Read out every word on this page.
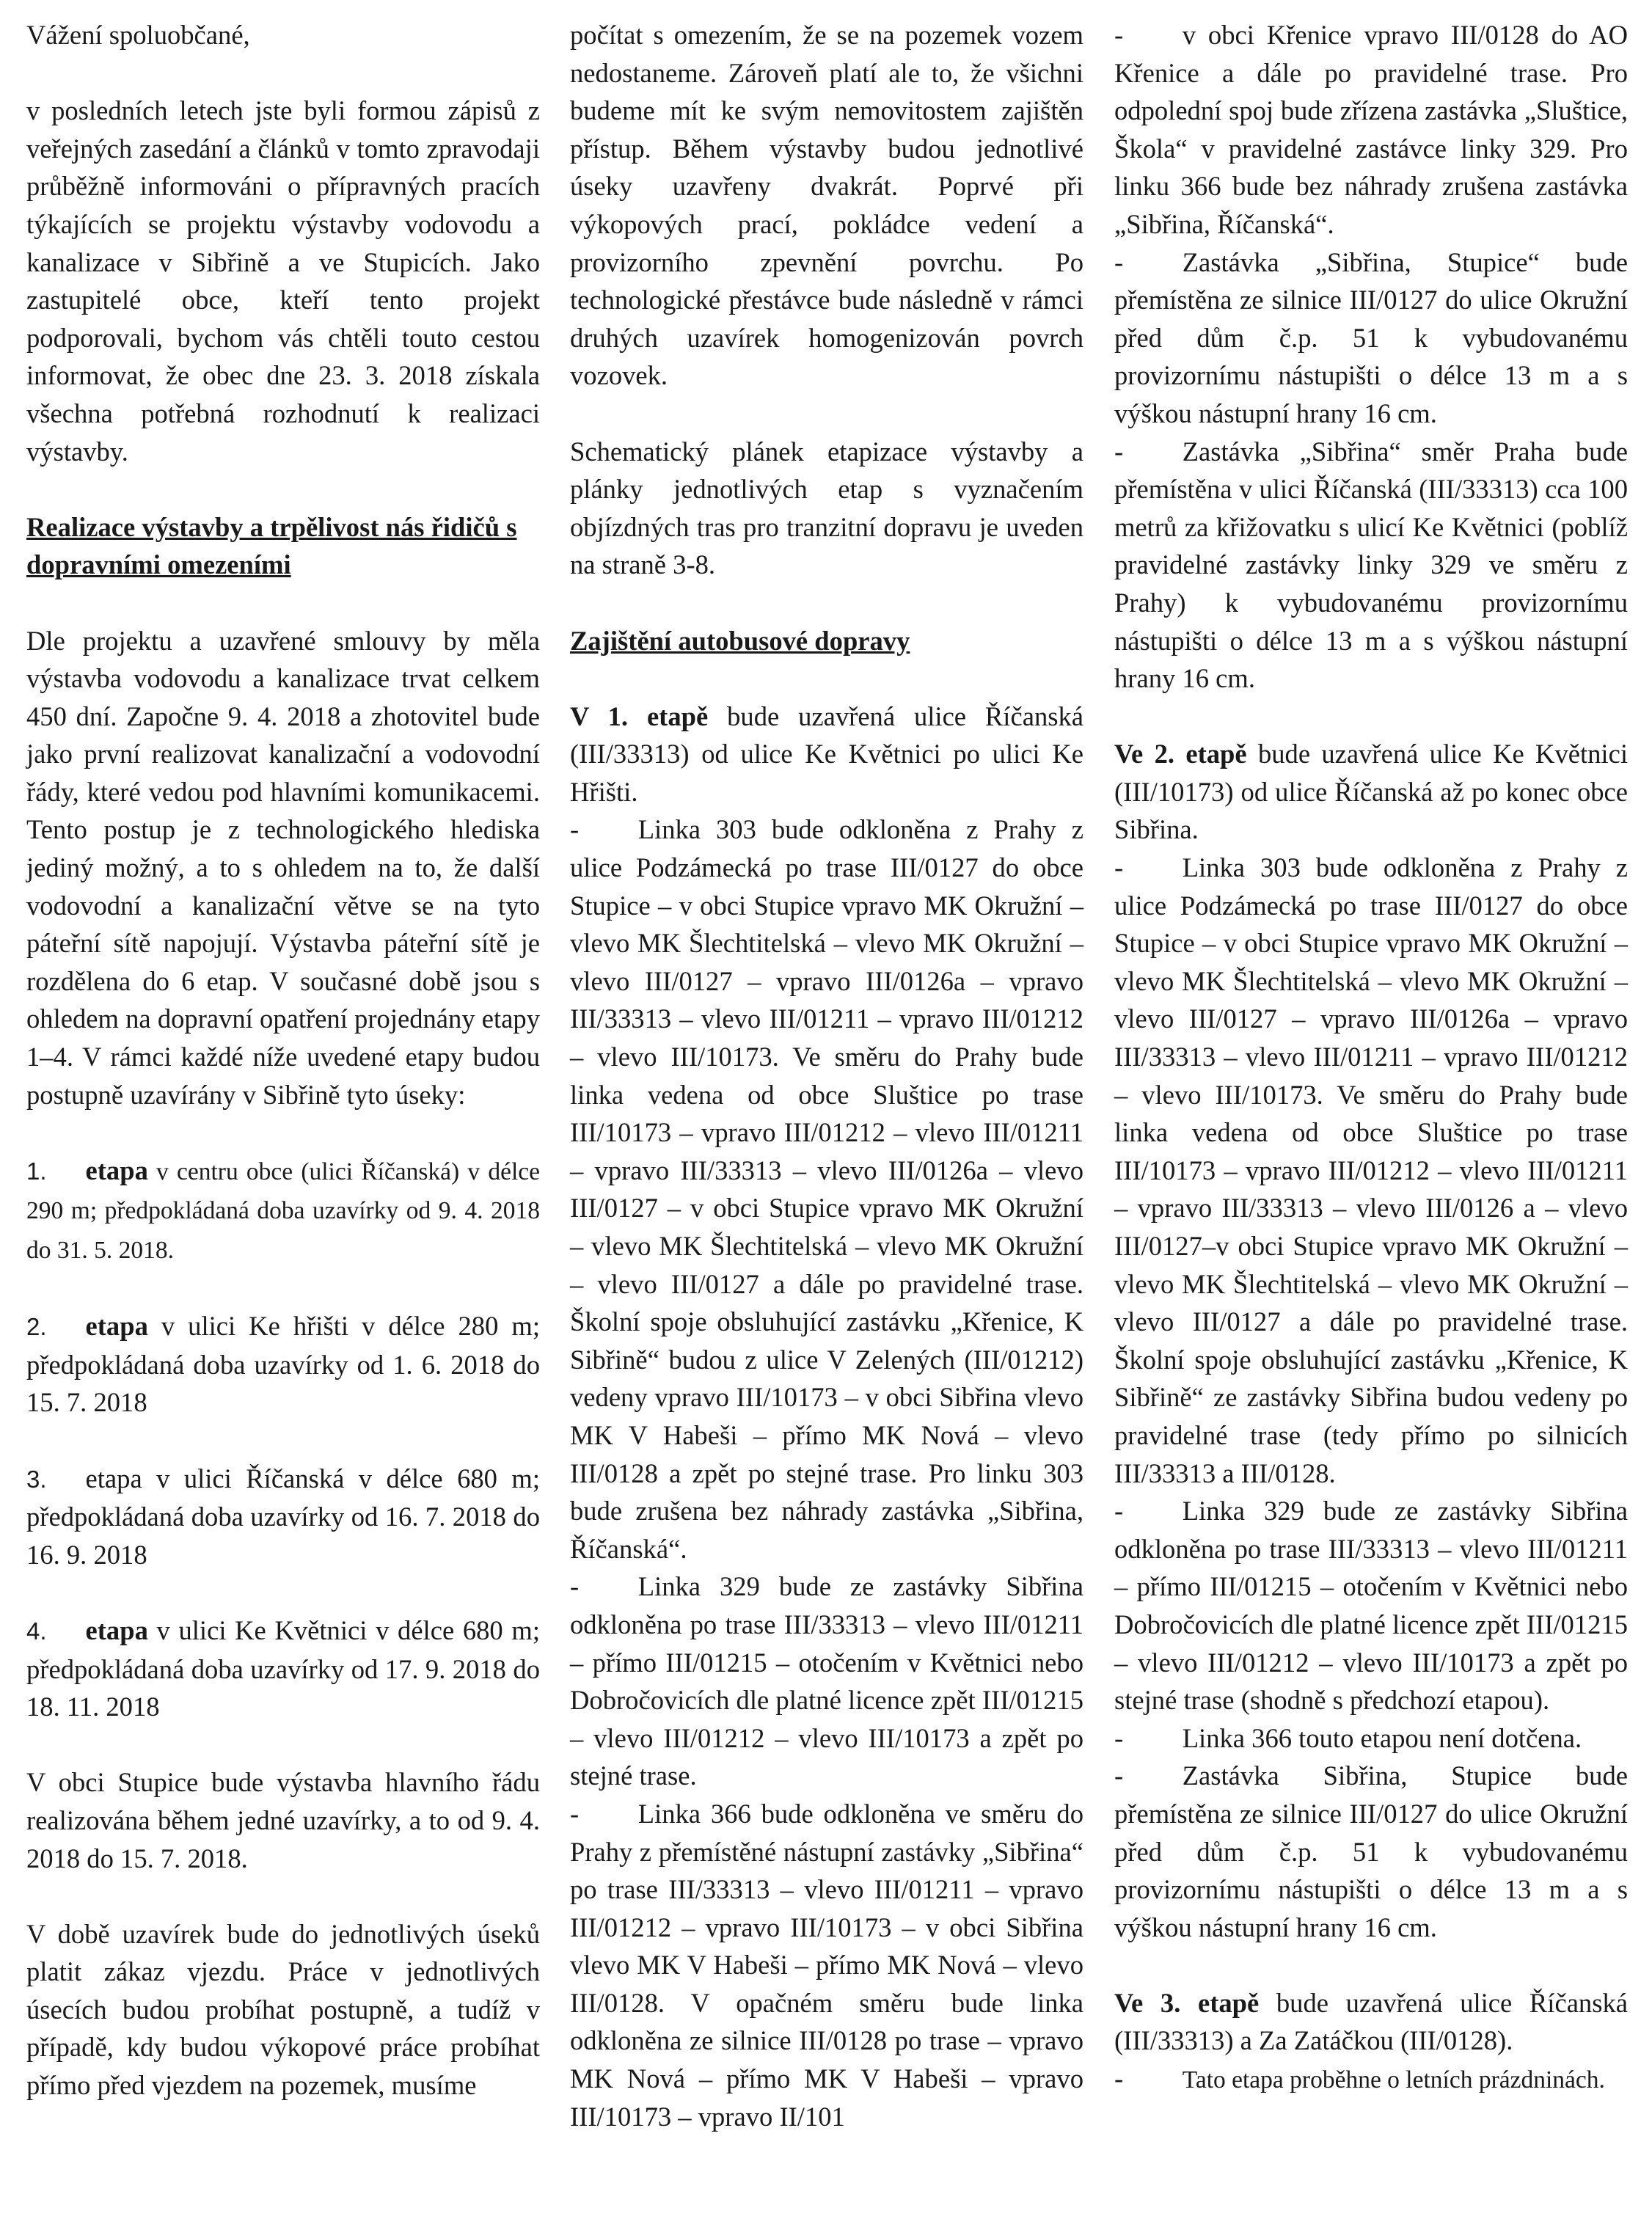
Vážení spoluobčané,

v posledních letech jste byli formou zápisů z veřejných zasedání a článků v tomto zpravodaji průběžně informováni o přípravných pracích týkajících se projektu výstavby vodovodu a kanalizace v Sibřině a ve Stupicích. Jako zastupitelé obce, kteří tento projekt podporovali, bychom vás chtěli touto cestou informovat, že obec dne 23. 3. 2018 získala všechna potřebná rozhodnutí k realizaci výstavby.

Realizace výstavby a trpělivost nás řidičů s dopravními omezeními

Dle projektu a uzavřené smlouvy by měla výstavba vodovodu a kanalizace trvat celkem 450 dní. Započne 9. 4. 2018 a zhotovitel bude jako první realizovat kanalizační a vodovodní řády, které vedou pod hlavními komunikacemi. Tento postup je z technologického hlediska jediný možný, a to s ohledem na to, že další vodovodní a kanalizační větve se na tyto páteřní sítě napojují. Výstavba páteřní sítě je rozdělena do 6 etap. V současné době jsou s ohledem na dopravní opatření projednány etapy 1–4. V rámci každé níže uvedené etapy budou postupně uzavírány v Sibřině tyto úseky:

1. etapa v centru obce (ulici Říčanská) v délce 290 m; předpokládaná doba uzavírky od 9. 4. 2018 do 31. 5. 2018.

2. etapa v ulici Ke hřišti v délce 280 m; předpokládaná doba uzavírky od 1. 6. 2018 do 15. 7. 2018

3. etapa v ulici Říčanská v délce 680 m; předpokládaná doba uzavírky od 16. 7. 2018 do 16. 9. 2018

4. etapa v ulici Ke Květnici v délce 680 m; předpokládaná doba uzavírky od 17. 9. 2018 do 18. 11. 2018

V obci Stupice bude výstavba hlavního řádu realizována během jedné uzavírky, a to od 9. 4. 2018 do 15. 7. 2018.

V době uzavírek bude do jednotlivých úseků platit zákaz vjezdu. Práce v jednotlivých úsecích budou probíhat postupně, a tudíž v případě, kdy budou výkopové práce probíhat přímo před vjezdem na pozemek, musíme

počítat s omezením, že se na pozemek vozem nedostaneme. Zároveň platí ale to, že všichni budeme mít ke svým nemovitostem zajištěn přístup. Během výstavby budou jednotlivé úseky uzavřeny dvakrát. Poprvé při výkopových prací, pokládce vedení a provizorního zpevnění povrchu. Po technologické přestávce bude následně v rámci druhých uzavírek homogenizován povrch vozovek.

Schematický plánek etapizace výstavby a plánky jednotlivých etap s vyznačením objízdných tras pro tranzitní dopravu je uveden na straně 3-8.

Zajištění autobusové dopravy

V 1. etapě bude uzavřená ulice Říčanská (III/33313) od ulice Ke Květnici po ulici Ke Hřišti.

- Linka 303 bude odkloněna z Prahy z ulice Podzámecká po trase III/0127 do obce Stupice – v obci Stupice vpravo MK Okružní – vlevo MK Šlechtitelská – vlevo MK Okružní – vlevo III/0127 – vpravo III/0126a – vpravo III/33313 – vlevo III/01211 – vpravo III/01212 – vlevo III/10173. Ve směru do Prahy bude linka vedena od obce Sluštice po trase III/10173 – vpravo III/01212 – vlevo III/01211 – vpravo III/33313 – vlevo III/0126a – vlevo III/0127 – v obci Stupice vpravo MK Okružní – vlevo MK Šlechtitelská – vlevo MK Okružní – vlevo III/0127 a dále po pravidelné trase. Školní spoje obsluhující zastávku „Křenice, K Sibřině“ budou z ulice V Zelených (III/01212) vedeny vpravo III/10173 – v obci Sibřina vlevo MK V Habeši – přímo MK Nová – vlevo III/0128 a zpět po stejné trase. Pro linku 303 bude zrušena bez náhrady zastávka „Sibřina, Říčanská“.

- Linka 329 bude ze zastávky Sibřina odkloněna po trase III/33313 – vlevo III/01211 – přímo III/01215 – otočením v Květnici nebo Dobročovicích dle platné licence zpět III/01215 – vlevo III/01212 – vlevo III/10173 a zpět po stejné trase.

- Linka 366 bude odkloněna ve směru do Prahy z přemístěné nástupní zastávky „Sibřina“ po trase III/33313 – vlevo III/01211 – vpravo III/01212 – vpravo III/10173 – v obci Sibřina vlevo MK V Habeši – přímo MK Nová – vlevo III/0128. V opačném směru bude linka odkloněna ze silnice III/0128 po trase – vpravo MK Nová – přímo MK V Habeši – vpravo III/10173 – vpravo II/101

- v obci Křenice vpravo III/0128 do AO Křenice a dále po pravidelné trase. Pro odpolední spoj bude zřízena zastávka „Sluštice, Škola“ v pravidelné zastávce linky 329. Pro linku 366 bude bez náhrady zrušena zastávka „Sibřina, Říčanská“.

- Zastávka „Sibřina, Stupice“ bude přemístěna ze silnice III/0127 do ulice Okružní před dům č.p. 51 k vybudovanému provizornímu nástupišti o délce 13 m a s výškou nástupní hrany 16 cm.

- Zastávka „Sibřina“ směr Praha bude přemístěna v ulici Říčanská (III/33313) cca 100 metrů za křižovatku s ulicí Ke Květnici (poblíž pravidelné zastávky linky 329 ve směru z Prahy) k vybudovanému provizornímu nástupišti o délce 13 m a s výškou nástupní hrany 16 cm.

Ve 2. etapě bude uzavřená ulice Ke Květnici (III/10173) od ulice Říčanská až po konec obce Sibřina.

- Linka 303 bude odkloněna z Prahy z ulice Podzámecká po trase III/0127 do obce Stupice – v obci Stupice vpravo MK Okružní – vlevo MK Šlechtitelská – vlevo MK Okružní – vlevo III/0127 – vpravo III/0126a – vpravo III/33313 – vlevo III/01211 – vpravo III/01212 – vlevo III/10173. Ve směru do Prahy bude linka vedena od obce Sluštice po trase III/10173 – vpravo III/01212 – vlevo III/01211 – vpravo III/33313 – vlevo III/0126 a – vlevo III/0127–v obci Stupice vpravo MK Okružní – vlevo MK Šlechtitelská – vlevo MK Okružní – vlevo III/0127 a dále po pravidelné trase. Školní spoje obsluhující zastávku „Křenice, K Sibřině“ ze zastávky Sibřina budou vedeny po pravidelné trase (tedy přímo po silnicích III/33313 a III/0128.

- Linka 329 bude ze zastávky Sibřina odkloněna po trase III/33313 – vlevo III/01211 – přímo III/01215 – otočením v Květnici nebo Dobročovicích dle platné licence zpět III/01215 – vlevo III/01212 – vlevo III/10173 a zpět po stejné trase (shodně s předchozí etapou).

- Linka 366 touto etapou není dotčena.

- Zastávka Sibřina, Stupice bude přemístěna ze silnice III/0127 do ulice Okružní před dům č.p. 51 k vybudovanému provizornímu nástupišti o délce 13 m a s výškou nástupní hrany 16 cm.

Ve 3. etapě bude uzavřená ulice Říčanská (III/33313) a Za Zatáčkou (III/0128).

- Tato etapa proběhne o letních prázdninách.
